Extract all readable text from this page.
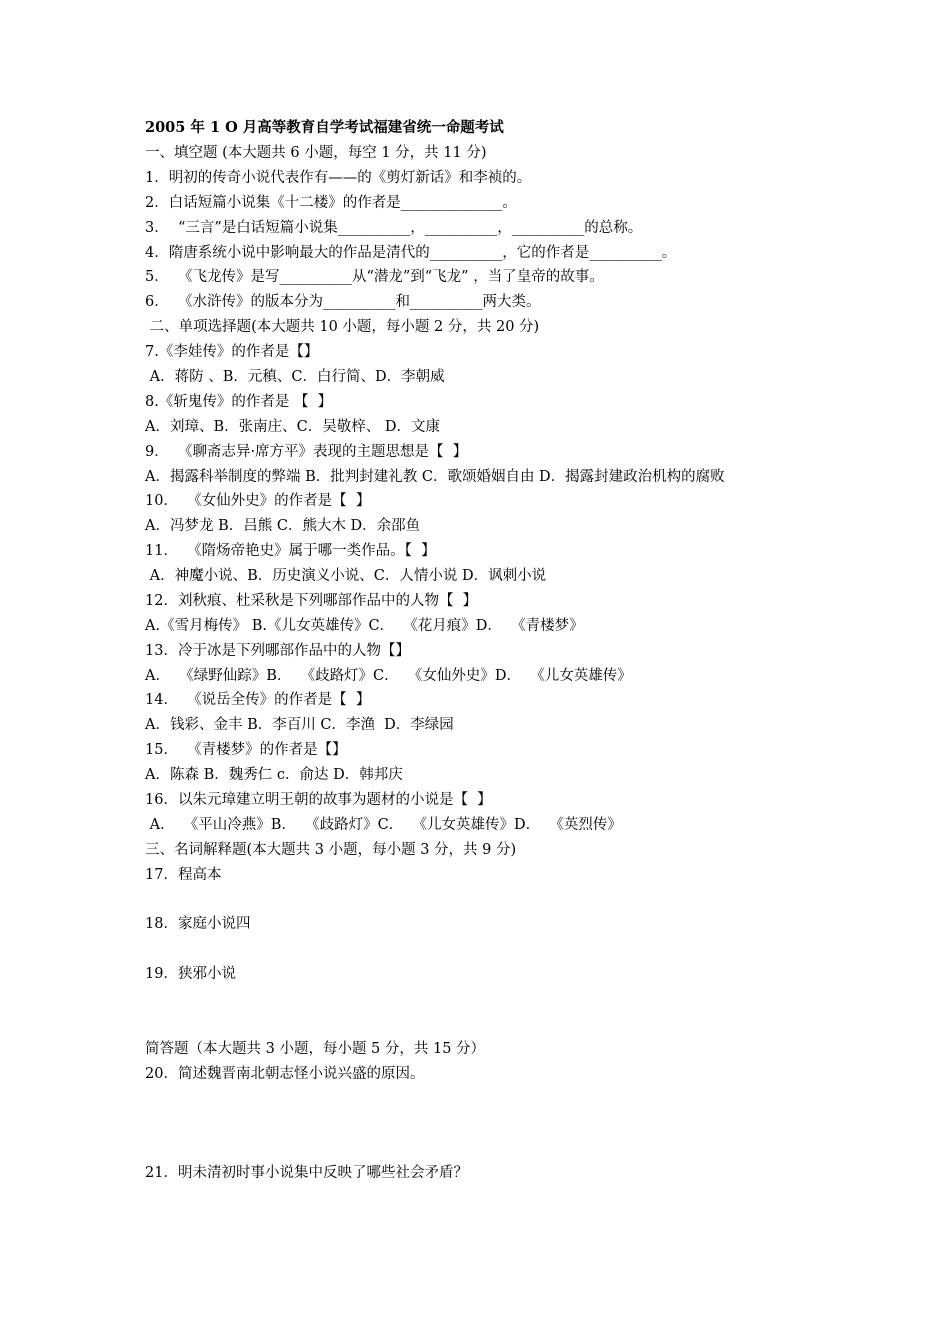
2005 年 1 O 月高等教育自学考试福建省统一命题考试
一、填空题 (本大题共 6 小题，每空 1 分，共 11 分)
1．明初的传奇小说代表作有——的《剪灯新话》和李祯的。
2．白话短篇小说集《十二楼》的作者是______________。
3．  “三言”是白话短篇小说集__________，__________，__________的总称。
4．隋唐系统小说中影响最大的作品是清代的__________，它的作者是__________。
5．  《飞龙传》是写__________从“潜龙”到“飞龙” ，当了皇帝的故事。
6．  《水浒传》的版本分为__________和__________两大类。
二、单项选择题(本大题共 10 小题，每小题 2 分，共 20 分)
7.《李娃传》的作者是【】
A．蒋防 、B．元稹、C．白行简、D．李朝威
8.《斩鬼传》的作者是 【  】
A．刘璋、B．张南庄、C．吴敬梓、 D．文康
9．  《聊斋志异·席方平》表现的主题思想是【  】
A．揭露科举制度的弊端 B．批判封建礼教 C．歌颂婚姻自由 D．揭露封建政治机构的腐败
10．  《女仙外史》的作者是【  】
A．冯梦龙 B．吕熊 C．熊大木 D．余邵鱼
11．  《隋炀帝艳史》属于哪一类作品。【  】
A．神魔小说、B．历史演义小说、C．人情小说 D．讽刺小说
12．刘秋痕、杜采秋是下列哪部作品中的人物【  】
A.《雪月梅传》 B.《儿女英雄传》C．  《花月痕》D．  《青楼梦》
13．冷于冰是下列哪部作品中的人物【】
A．  《绿野仙踪》B．  《歧路灯》C．  《女仙外史》D．  《儿女英雄传》
14．  《说岳全传》的作者是【  】
A．钱彩、金丰 B．李百川 C．李渔  D．李绿园
15．  《青楼梦》的作者是【】
A．陈森 B．魏秀仁 c．俞达 D．韩邦庆
16．以朱元璋建立明王朝的故事为题材的小说是【  】
A．  《平山冷燕》B．  《歧路灯》C．  《儿女英雄传》D．  《英烈传》
三、名词解释题(本大题共 3 小题，每小题 3 分，共 9 分)
17．程高本
18．家庭小说四
19．狭邪小说
简答题（本大题共 3 小题，每小题 5 分，共 15 分）
20．简述魏晋南北朝志怪小说兴盛的原因。
21．明未清初时事小说集中反映了哪些社会矛盾？
